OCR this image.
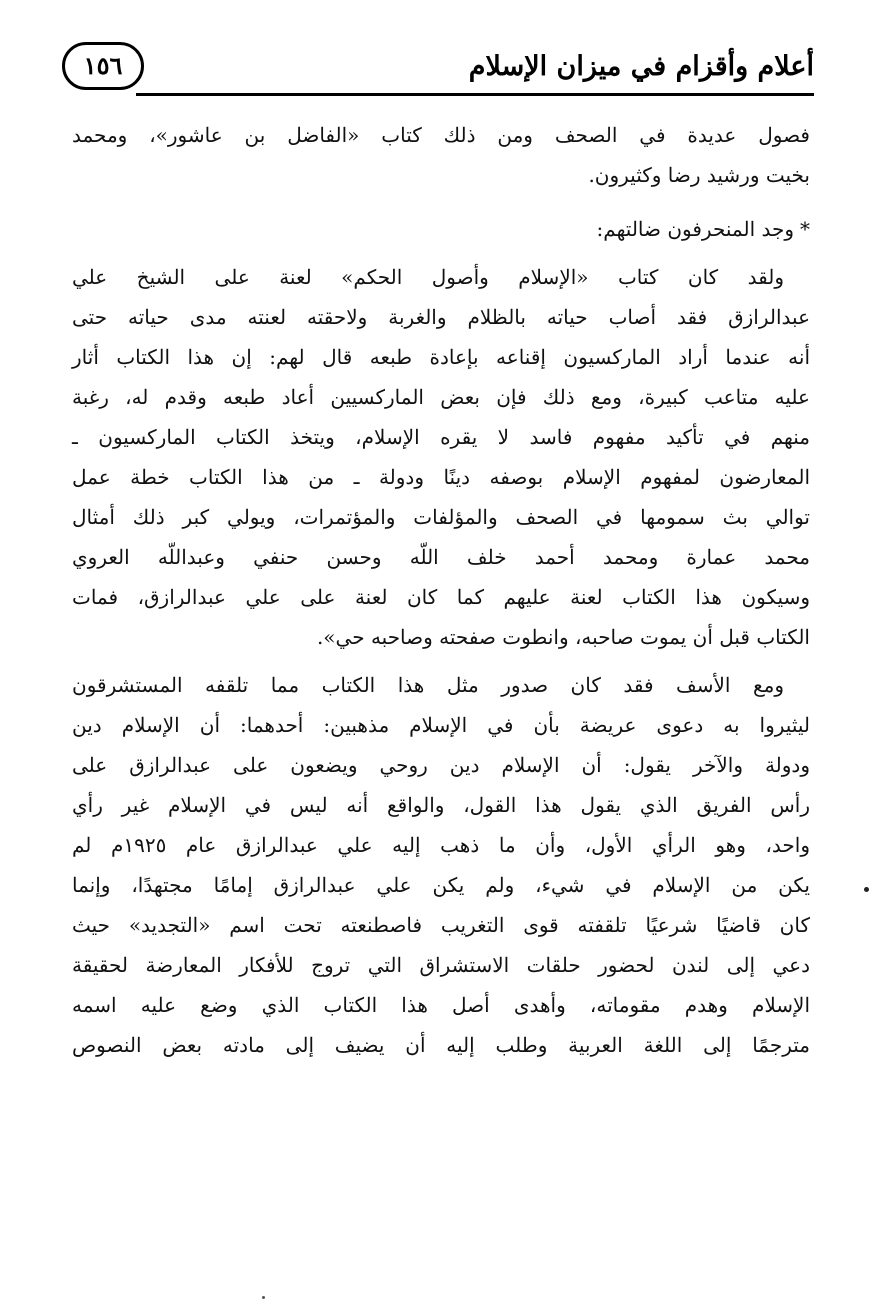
أعلام وأقزام في ميزان الإسلام
١٥٦
فصول عديدة في الصحف ومن ذلك كتاب «الفاضل بن عاشور»، ومحمد
بخيت ورشيد رضا وكثيرون.
*وجد المنحرفون ضالتهم:
ولقد كان كتاب «الإسلام وأصول الحكم» لعنة على الشيخ علي
عبدالرازق فقد أصاب حياته بالظلام والغربة ولاحقته لعنته مدى حياته حتى
أنه عندما أراد الماركسيون إقناعه بإعادة طبعه قال لهم: إن هذا الكتاب أثار
عليه متاعب كبيرة، ومع ذلك فإن بعض الماركسيين أعاد طبعه وقدم له، رغبة
منهم في تأكيد مفهوم فاسد لا يقره الإسلام، ويتخذ الكتاب الماركسيون ـ
المعارضون لمفهوم الإسلام بوصفه دينًا ودولة ـ من هذا الكتاب خطة عمل
توالي بث سمومها في الصحف والمؤلفات والمؤتمرات، ويولي كبر ذلك أمثال
محمد عمارة ومحمد أحمد خلف اللّه وحسن حنفي وعبداللّه العروي
وسيكون هذا الكتاب لعنة عليهم كما كان لعنة على علي عبدالرازق، فمات
الكتاب قبل أن يموت صاحبه، وانطوت صفحته وصاحبه حي».
ومع الأسف فقد كان صدور مثل هذا الكتاب مما تلقفه المستشرقون
ليثيروا به دعوى عريضة بأن في الإسلام مذهبين: أحدهما: أن الإسلام دين
ودولة والآخر يقول: أن الإسلام دين روحي ويضعون على عبدالرازق على
رأس الفريق الذي يقول هذا القول، والواقع أنه ليس في الإسلام غير رأي
واحد، وهو الرأي الأول، وأن ما ذهب إليه علي عبدالرازق عام ١٩٢٥م لم
يكن من الإسلام في شيء، ولم يكن علي عبدالرازق إمامًا مجتهدًا، وإنما
كان قاضيًا شرعيًا تلقفته قوى التغريب فاصطنعته تحت اسم «التجديد» حيث
دعي إلى لندن لحضور حلقات الاستشراق التي تروج للأفكار المعارضة لحقيقة
الإسلام وهدم مقوماته، وأهدى أصل هذا الكتاب الذي وضع عليه اسمه
مترجمًا إلى اللغة العربية وطلب إليه أن يضيف إلى مادته بعض النصوص
